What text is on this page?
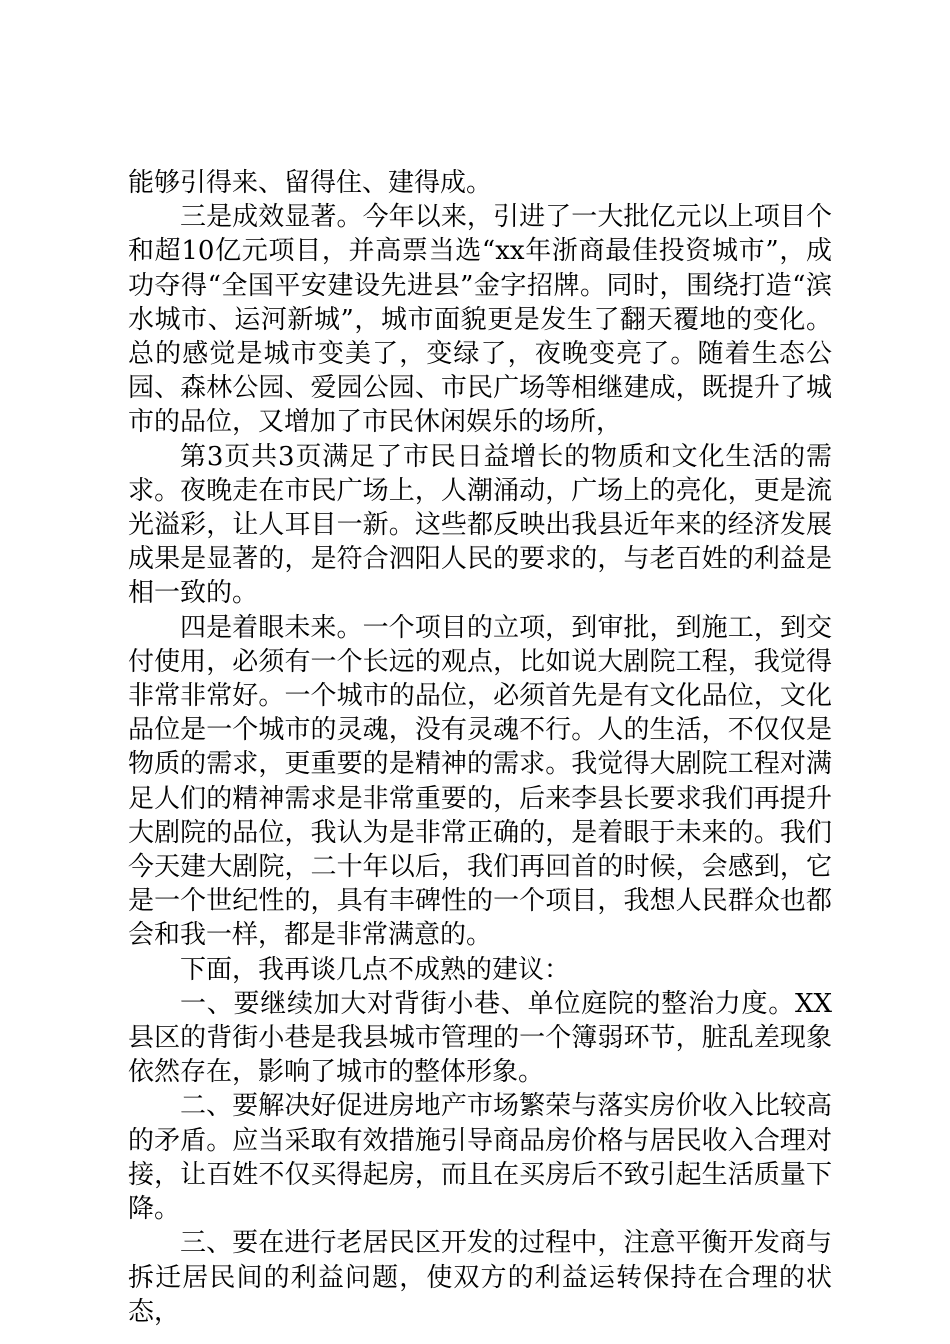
能够引得来、留得住、建得成。

三是成效显著。今年以来，引进了一大批亿元以上项目个和超10亿元项目，并高票当选“xx年浙商最佳投资城市”，成功夺得“全国平安建设先进县”金字招牌。同时，围绕打造“滨水城市、运河新城”，城市面貌更是发生了翻天覆地的变化。总的感觉是城市变美了，变绿了，夜晚变亮了。随着生态公园、森林公园、爱园公园、市民广场等相继建成，既提升了城市的品位，又增加了市民休闲娱乐的场所，

第3页共3页满足了市民日益增长的物质和文化生活的需求。夜晚走在市民广场上，人潮涌动，广场上的亮化，更是流光溢彩，让人耳目一新。这些都反映出我县近年来的经济发展成果是显著的，是符合泗阳人民的要求的，与老百姓的利益是相一致的。

四是着眼未来。一个项目的立项，到审批，到施工，到交付使用，必须有一个长远的观点，比如说大剧院工程，我觉得非常非常好。一个城市的品位，必须首先是有文化品位，文化品位是一个城市的灵魂，没有灵魂不行。人的生活，不仅仅是物质的需求，更重要的是精神的需求。我觉得大剧院工程对满足人们的精神需求是非常重要的，后来李县长要求我们再提升大剧院的品位，我认为是非常正确的，是着眼于未来的。我们今天建大剧院，二十年以后，我们再回首的时候，会感到，它是一个世纪性的，具有丰碑性的一个项目，我想人民群众也都会和我一样，都是非常满意的。

下面，我再谈几点不成熟的建议：

一、要继续加大对背街小巷、单位庭院的整治力度。XX县区的背街小巷是我县城市管理的一个簿弱环节，脏乱差现象依然存在，影响了城市的整体形象。

二、要解决好促进房地产市场繁荣与落实房价收入比较高的矛盾。应当采取有效措施引导商品房价格与居民收入合理对接，让百姓不仅买得起房，而且在买房后不致引起生活质量下降。

三、要在进行老居民区开发的过程中，注意平衡开发商与拆迁居民间的利益问题，使双方的利益运转保持在合理的状态，
